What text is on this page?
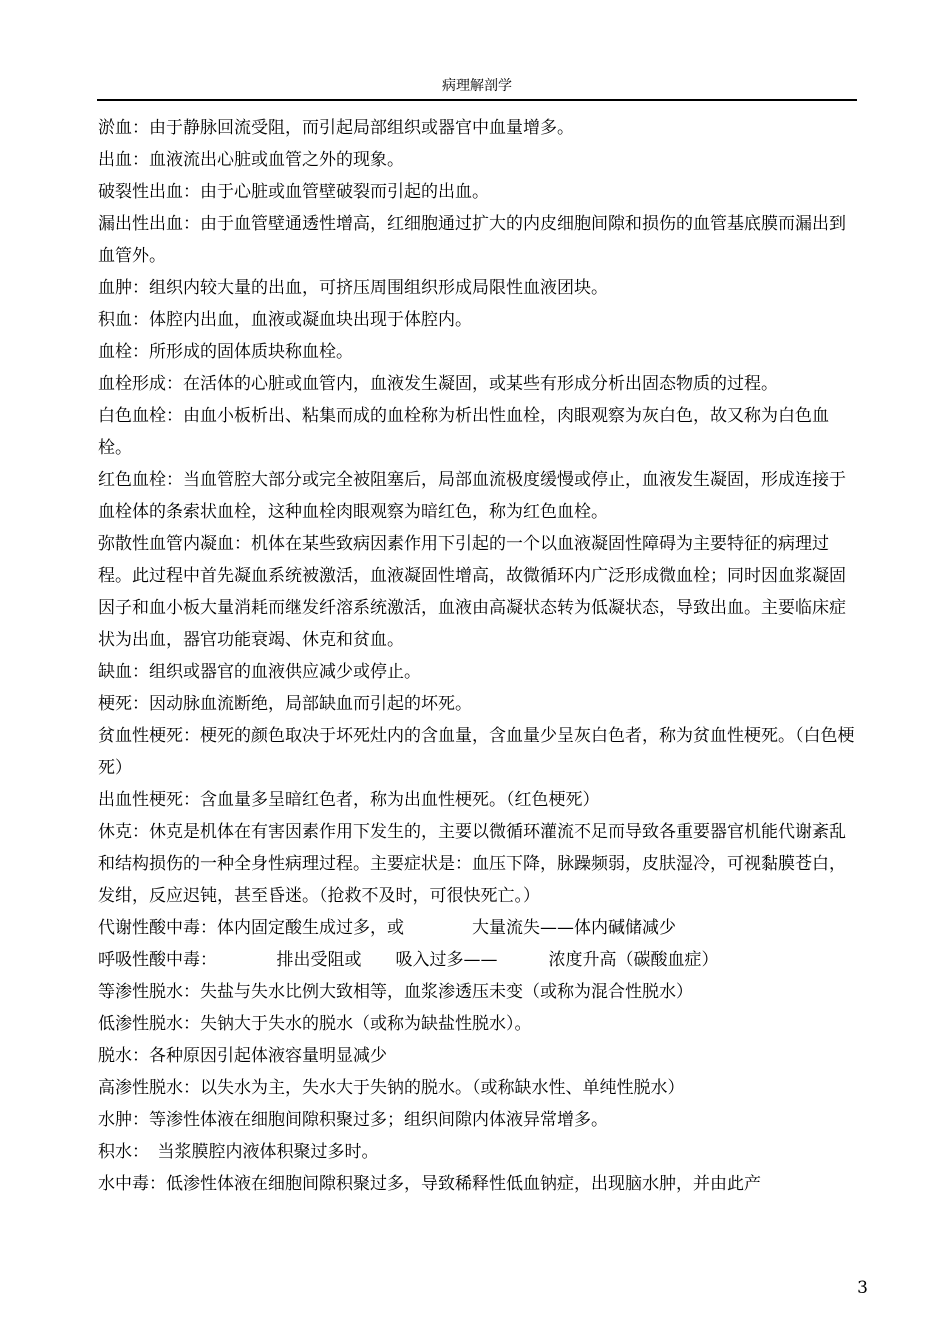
病理解剖学

淤血：由于静脉回流受阻，而引起局部组织或器官中血量增多。

出血：血液流出心脏或血管之外的现象。

破裂性出血：由于心脏或血管壁破裂而引起的出血。

漏出性出血：由于血管壁通透性增高，红细胞通过扩大的内皮细胞间隙和损伤的血管基底膜而漏出到血管外。

血肿：组织内较大量的出血，可挤压周围组织形成局限性血液团块。

积血：体腔内出血，血液或凝血块出现于体腔内。

血栓：所形成的固体质块称血栓。

血栓形成：在活体的心脏或血管内，血液发生凝固，或某些有形成分析出固态物质的过程。

白色血栓：由血小板析出、粘集而成的血栓称为析出性血栓，肉眼观察为灰白色，故又称为白色血栓。

红色血栓：当血管腔大部分或完全被阻塞后，局部血流极度缓慢或停止，血液发生凝固，形成连接于血栓体的条索状血栓，这种血栓肉眼观察为暗红色，称为红色血栓。

弥散性血管内凝血：机体在某些致病因素作用下引起的一个以血液凝固性障碍为主要特征的病理过程。此过程中首先凝血系统被激活，血液凝固性增高，故微循环内广泛形成微血栓；同时因血浆凝固因子和血小板大量消耗而继发纤溶系统激活，血液由高凝状态转为低凝状态，导致出血。主要临床症状为出血，器官功能衰竭、休克和贫血。

缺血：组织或器官的血液供应减少或停止。

梗死：因动脉血流断绝，局部缺血而引起的坏死。

贫血性梗死：梗死的颜色取决于坏死灶内的含血量，含血量少呈灰白色者，称为贫血性梗死。（白色梗死）

出血性梗死：含血量多呈暗红色者，称为出血性梗死。（红色梗死）

休克：休克是机体在有害因素作用下发生的，主要以微循环灌流不足而导致各重要器官机能代谢紊乱和结构损伤的一种全身性病理过程。主要症状是：血压下降，脉躁频弱，皮肤湿冷，可视黏膜苍白，发绀，反应迟钝，甚至昏迷。（抢救不及时，可很快死亡。）

代谢性酸中毒：体内固定酸生成过多，或　　　　大量流失——体内碱储减少

呼吸性酸中毒：　　　　排出受阻或　　吸入过多——　　　浓度升高（碳酸血症）

等渗性脱水：失盐与失水比例大致相等，血浆渗透压未变（或称为混合性脱水）

低渗性脱水：失钠大于失水的脱水（或称为缺盐性脱水）。

脱水：各种原因引起体液容量明显减少

高渗性脱水：以失水为主，失水大于失钠的脱水。（或称缺水性、单纯性脱水）

水肿：等渗性体液在细胞间隙积聚过多；组织间隙内体液异常增多。

积水：　当浆膜腔内液体积聚过多时。

水中毒：低渗性体液在细胞间隙积聚过多，导致稀释性低血钠症，出现脑水肿，并由此产

3
